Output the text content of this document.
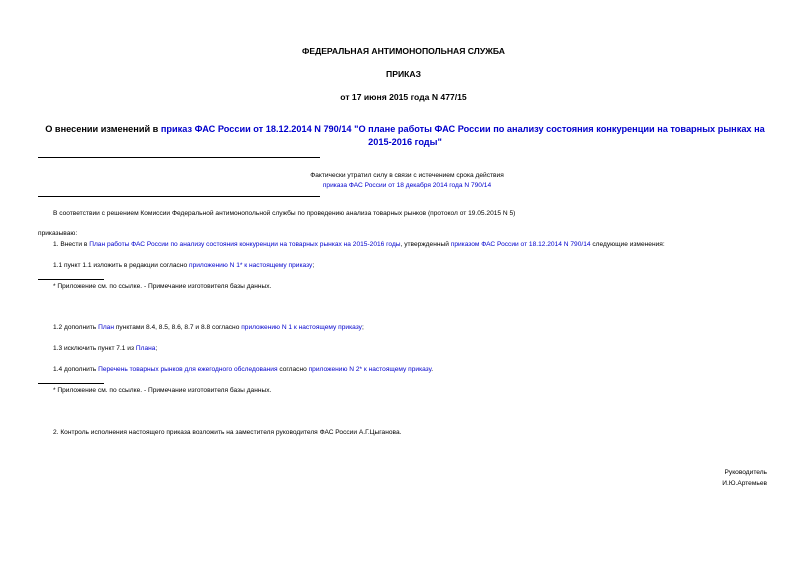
ФЕДЕРАЛЬНАЯ АНТИМОНОПОЛЬНАЯ СЛУЖБА
ПРИКАЗ
от 17 июня 2015 года N 477/15
О внесении изменений в приказ ФАС России от 18.12.2014 N 790/14 "О плане работы ФАС России по анализу состояния конкуренции на товарных рынках на 2015-2016 годы"
Фактически утратил силу в связи с истечением срока действия
приказа ФАС России от 18 декабря 2014 года N 790/14
В соответствии с решением Комиссии Федеральной антимонопольной службы по проведению анализа товарных рынков (протокол от 19.05.2015 N 5)
приказываю:
1. Внести в План работы ФАС России по анализу состояния конкуренции на товарных рынках на 2015-2016 годы, утвержденный приказом ФАС России от 18.12.2014 N 790/14 следующие изменения:
1.1 пункт 1.1 изложить в редакции согласно приложению N 1* к настоящему приказу;
* Приложение см. по ссылке. - Примечание изготовителя базы данных.
1.2 дополнить План пунктами 8.4, 8.5, 8.6, 8.7 и 8.8 согласно приложению N 1 к настоящему приказу;
1.3 исключить пункт 7.1 из Плана;
1.4 дополнить Перечень товарных рынков для ежегодного обследования согласно приложению N 2* к настоящему приказу.
* Приложение см. по ссылке. - Примечание изготовителя базы данных.
2. Контроль исполнения настоящего приказа возложить на заместителя руководителя ФАС России А.Г.Цыганова.
Руководитель
И.Ю.Артемьев
